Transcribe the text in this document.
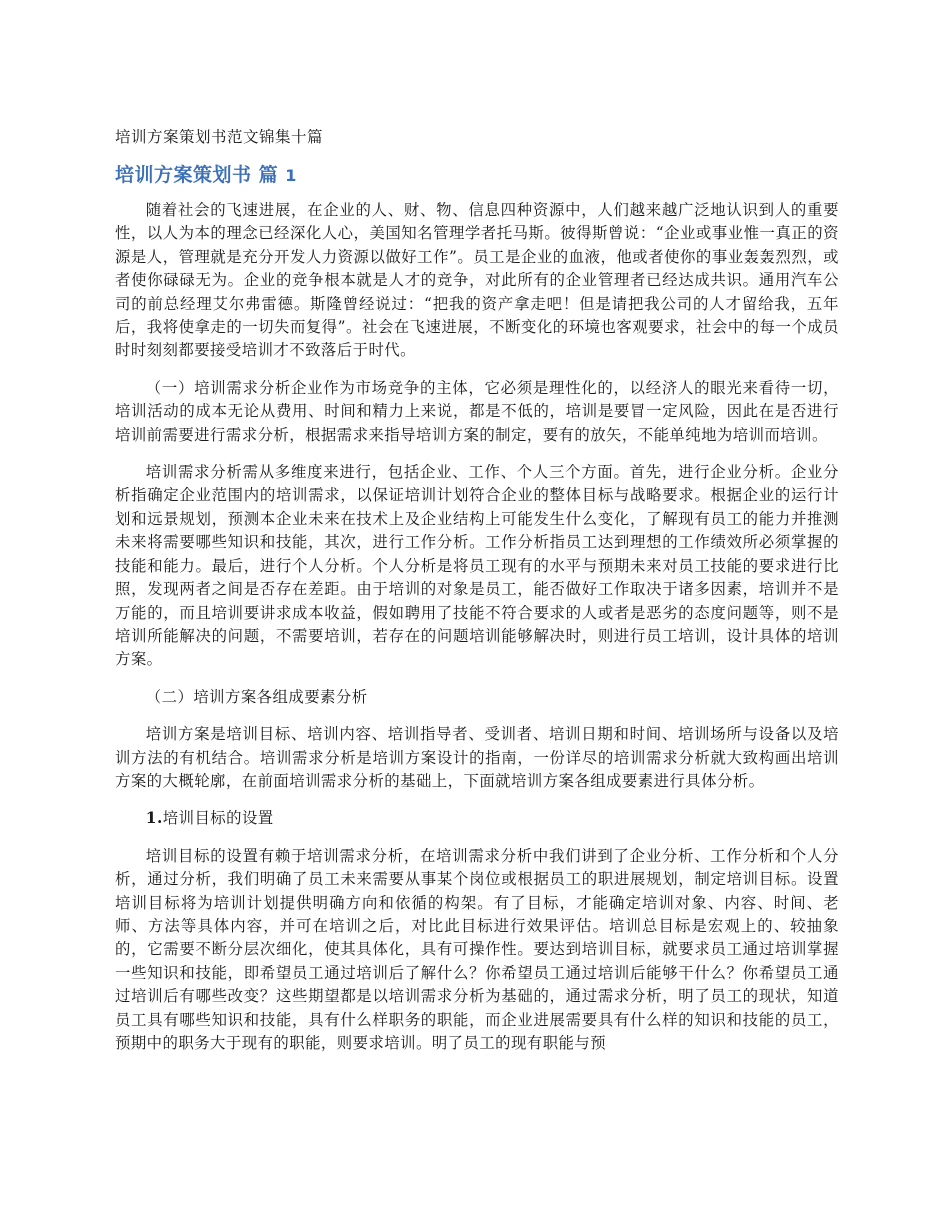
培训方案策划书范文锦集十篇
培训方案策划书 篇 1

随着社会的飞速进展，在企业的人、财、物、信息四种资源中，人们越来越广泛地认识到人的重要性，以人为本的理念已经深化人心，美国知名管理学者托马斯。彼得斯曾说：“企业或事业惟一真正的资源是人，管理就是充分开发人力资源以做好工作”。员工是企业的血液，他或者使你的事业轰轰烈烈，或者使你碌碌无为。企业的竞争根本就是人才的竞争，对此所有的企业管理者已经达成共识。通用汽车公司的前总经理艾尔弗雷德。斯隆曾经说过：“把我的资产拿走吧！但是请把我公司的人才留给我，五年后，我将使拿走的一切失而复得”。社会在飞速进展，不断变化的环境也客观要求，社会中的每一个成员时时刻刻都要接受培训才不致落后于时代。

（一）培训需求分析企业作为市场竞争的主体，它必须是理性化的，以经济人的眼光来看待一切，培训活动的成本无论从费用、时间和精力上来说，都是不低的，培训是要冒一定风险，因此在是否进行培训前需要进行需求分析，根据需求来指导培训方案的制定，要有的放矢，不能单纯地为培训而培训。

培训需求分析需从多维度来进行，包括企业、工作、个人三个方面。首先，进行企业分析。企业分析指确定企业范围内的培训需求，以保证培训计划符合企业的整体目标与战略要求。根据企业的运行计划和远景规划，预测本企业未来在技术上及企业结构上可能发生什么变化，了解现有员工的能力并推测未来将需要哪些知识和技能，其次，进行工作分析。工作分析指员工达到理想的工作绩效所必须掌握的技能和能力。最后，进行个人分析。个人分析是将员工现有的水平与预期未来对员工技能的要求进行比照，发现两者之间是否存在差距。由于培训的对象是员工，能否做好工作取决于诸多因素，培训并不是万能的，而且培训要讲求成本收益，假如聘用了技能不符合要求的人或者是恶劣的态度问题等，则不是培训所能解决的问题，不需要培训，若存在的问题培训能够解决时，则进行员工培训，设计具体的培训方案。

（二）培训方案各组成要素分析

培训方案是培训目标、培训内容、培训指导者、受训者、培训日期和时间、培训场所与设备以及培训方法的有机结合。培训需求分析是培训方案设计的指南，一份详尽的培训需求分析就大致构画出培训方案的大概轮廓，在前面培训需求分析的基础上，下面就培训方案各组成要素进行具体分析。

1.培训目标的设置

培训目标的设置有赖于培训需求分析，在培训需求分析中我们讲到了企业分析、工作分析和个人分析，通过分析，我们明确了员工未来需要从事某个岗位或根据员工的职进展规划，制定培训目标。设置培训目标将为培训计划提供明确方向和依循的构架。有了目标，才能确定培训对象、内容、时间、老师、方法等具体内容，并可在培训之后，对比此目标进行效果评估。培训总目标是宏观上的、较抽象的，它需要不断分层次细化，使其具体化，具有可操作性。要达到培训目标，就要求员工通过培训掌握一些知识和技能，即希望员工通过培训后了解什么？你希望员工通过培训后能够干什么？你希望员工通过培训后有哪些改变？这些期望都是以培训需求分析为基础的，通过需求分析，明了员工的现状，知道员工具有哪些知识和技能，具有什么样职务的职能，而企业进展需要具有什么样的知识和技能的员工，预期中的职务大于现有的职能，则要求培训。明了员工的现有职能与预
